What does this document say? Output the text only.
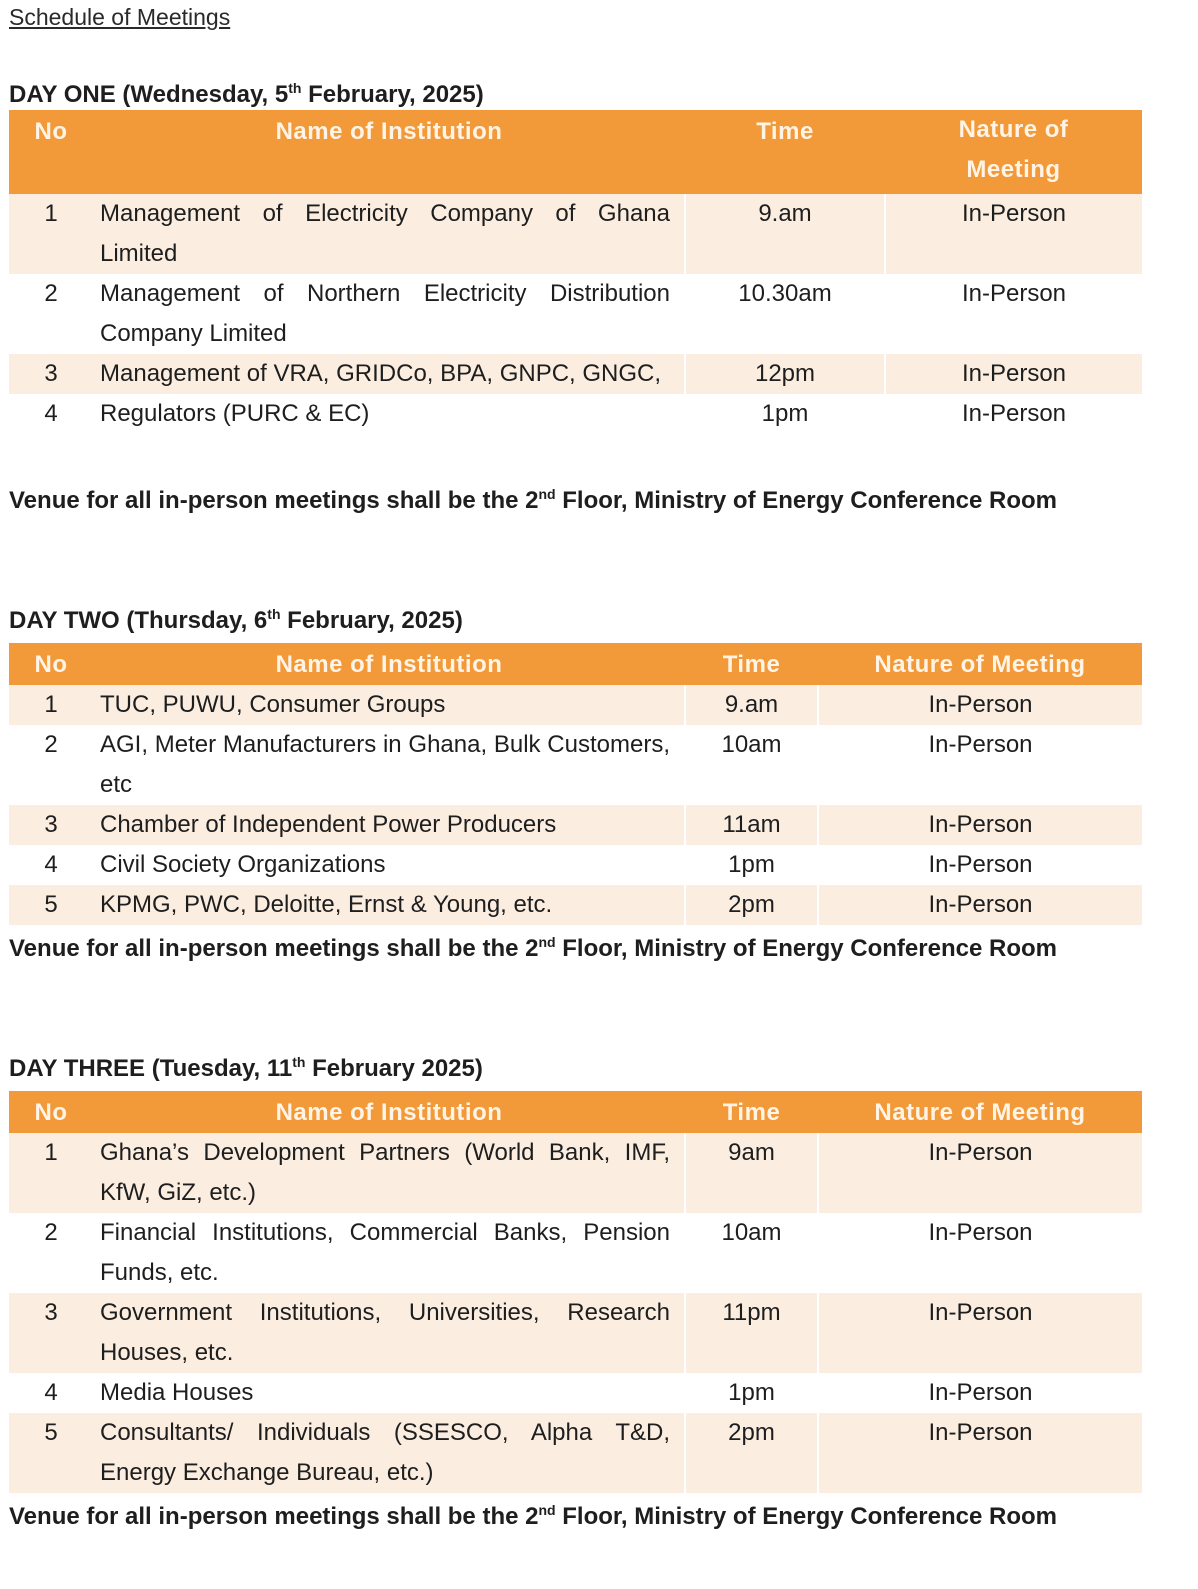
Schedule of Meetings
DAY ONE (Wednesday, 5th February, 2025)
No	Name of Institution	Time	Nature of Meeting
1	Management of Electricity Company of Ghana Limited	9.am	In-Person
2	Management of Northern Electricity Distribution Company Limited	10.30am	In-Person
3	Management of VRA, GRIDCo, BPA, GNPC, GNGC,	12pm	In-Person
4	Regulators (PURC & EC)	1pm	In-Person
Venue for all in-person meetings shall be the 2nd Floor, Ministry of Energy Conference Room
DAY TWO (Thursday, 6th February, 2025)
No	Name of Institution	Time	Nature of Meeting
1	TUC, PUWU, Consumer Groups	9.am	In-Person
2	AGI, Meter Manufacturers in Ghana, Bulk Customers, etc	10am	In-Person
3	Chamber of Independent Power Producers	11am	In-Person
4	Civil Society Organizations	1pm	In-Person
5	KPMG, PWC, Deloitte, Ernst & Young, etc.	2pm	In-Person
Venue for all in-person meetings shall be the 2nd Floor, Ministry of Energy Conference Room
DAY THREE (Tuesday, 11th February 2025)
No	Name of Institution	Time	Nature of Meeting
1	Ghana’s Development Partners (World Bank, IMF, KfW, GiZ, etc.)	9am	In-Person
2	Financial Institutions, Commercial Banks, Pension Funds, etc.	10am	In-Person
3	Government Institutions, Universities, Research Houses, etc.	11pm	In-Person
4	Media Houses	1pm	In-Person
5	Consultants/ Individuals (SSESCO, Alpha T&D, Energy Exchange Bureau, etc.)	2pm	In-Person
Venue for all in-person meetings shall be the 2nd Floor, Ministry of Energy Conference Room
